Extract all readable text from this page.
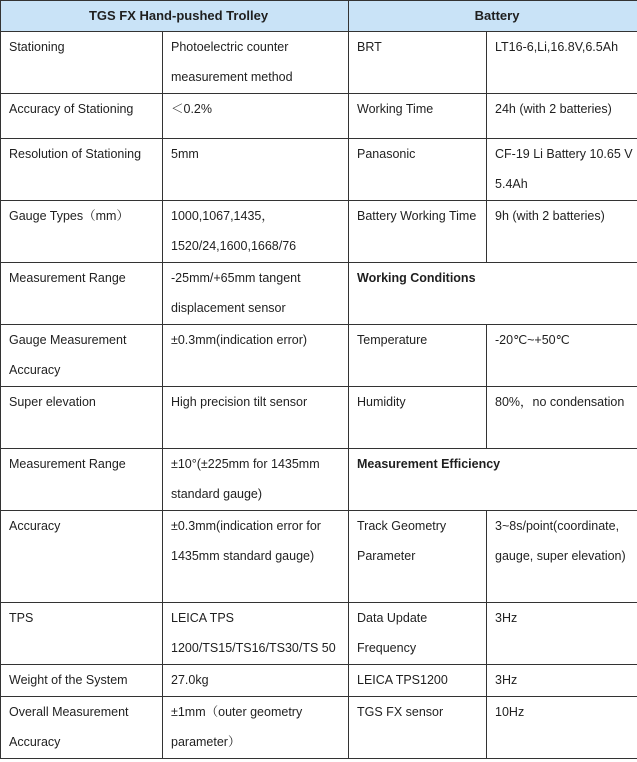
TGS FX Hand-pushed Trolley		Battery	
Stationing	Photoelectric counter measurement method	BRT	LT16-6,Li,16.8V,6.5Ah
Accuracy of Stationing	＜0.2%	Working Time	24h (with 2 batteries)
Resolution of Stationing	5mm	Panasonic	CF-19 Li Battery 10.65 V 5.4Ah
Gauge Types（mm）	1000,1067,1435， 1520/24,1600,1668/76	Battery Working Time	9h (with 2 batteries)
Measurement Range	-25mm/+65mm tangent displacement sensor	Working Conditions	
Gauge Measurement Accuracy	±0.3mm(indication error)	Temperature	-20℃~+50℃
Super elevation	High precision tilt sensor	Humidity	80%，no condensation
Measurement Range	±10°(±225mm for 1435mm standard gauge)	Measurement Efficiency	
Accuracy	±0.3mm(indication error for 1435mm standard gauge)	Track Geometry Parameter	3~8s/point(coordinate, gauge, super elevation)
TPS	LEICA TPS 1200/TS15/TS16/TS30/TS 50	Data Update Frequency	3Hz
Weight of the System	27.0kg	LEICA TPS1200	3Hz
Overall Measurement Accuracy	±1mm（outer geometry parameter）	TGS FX sensor	10Hz
